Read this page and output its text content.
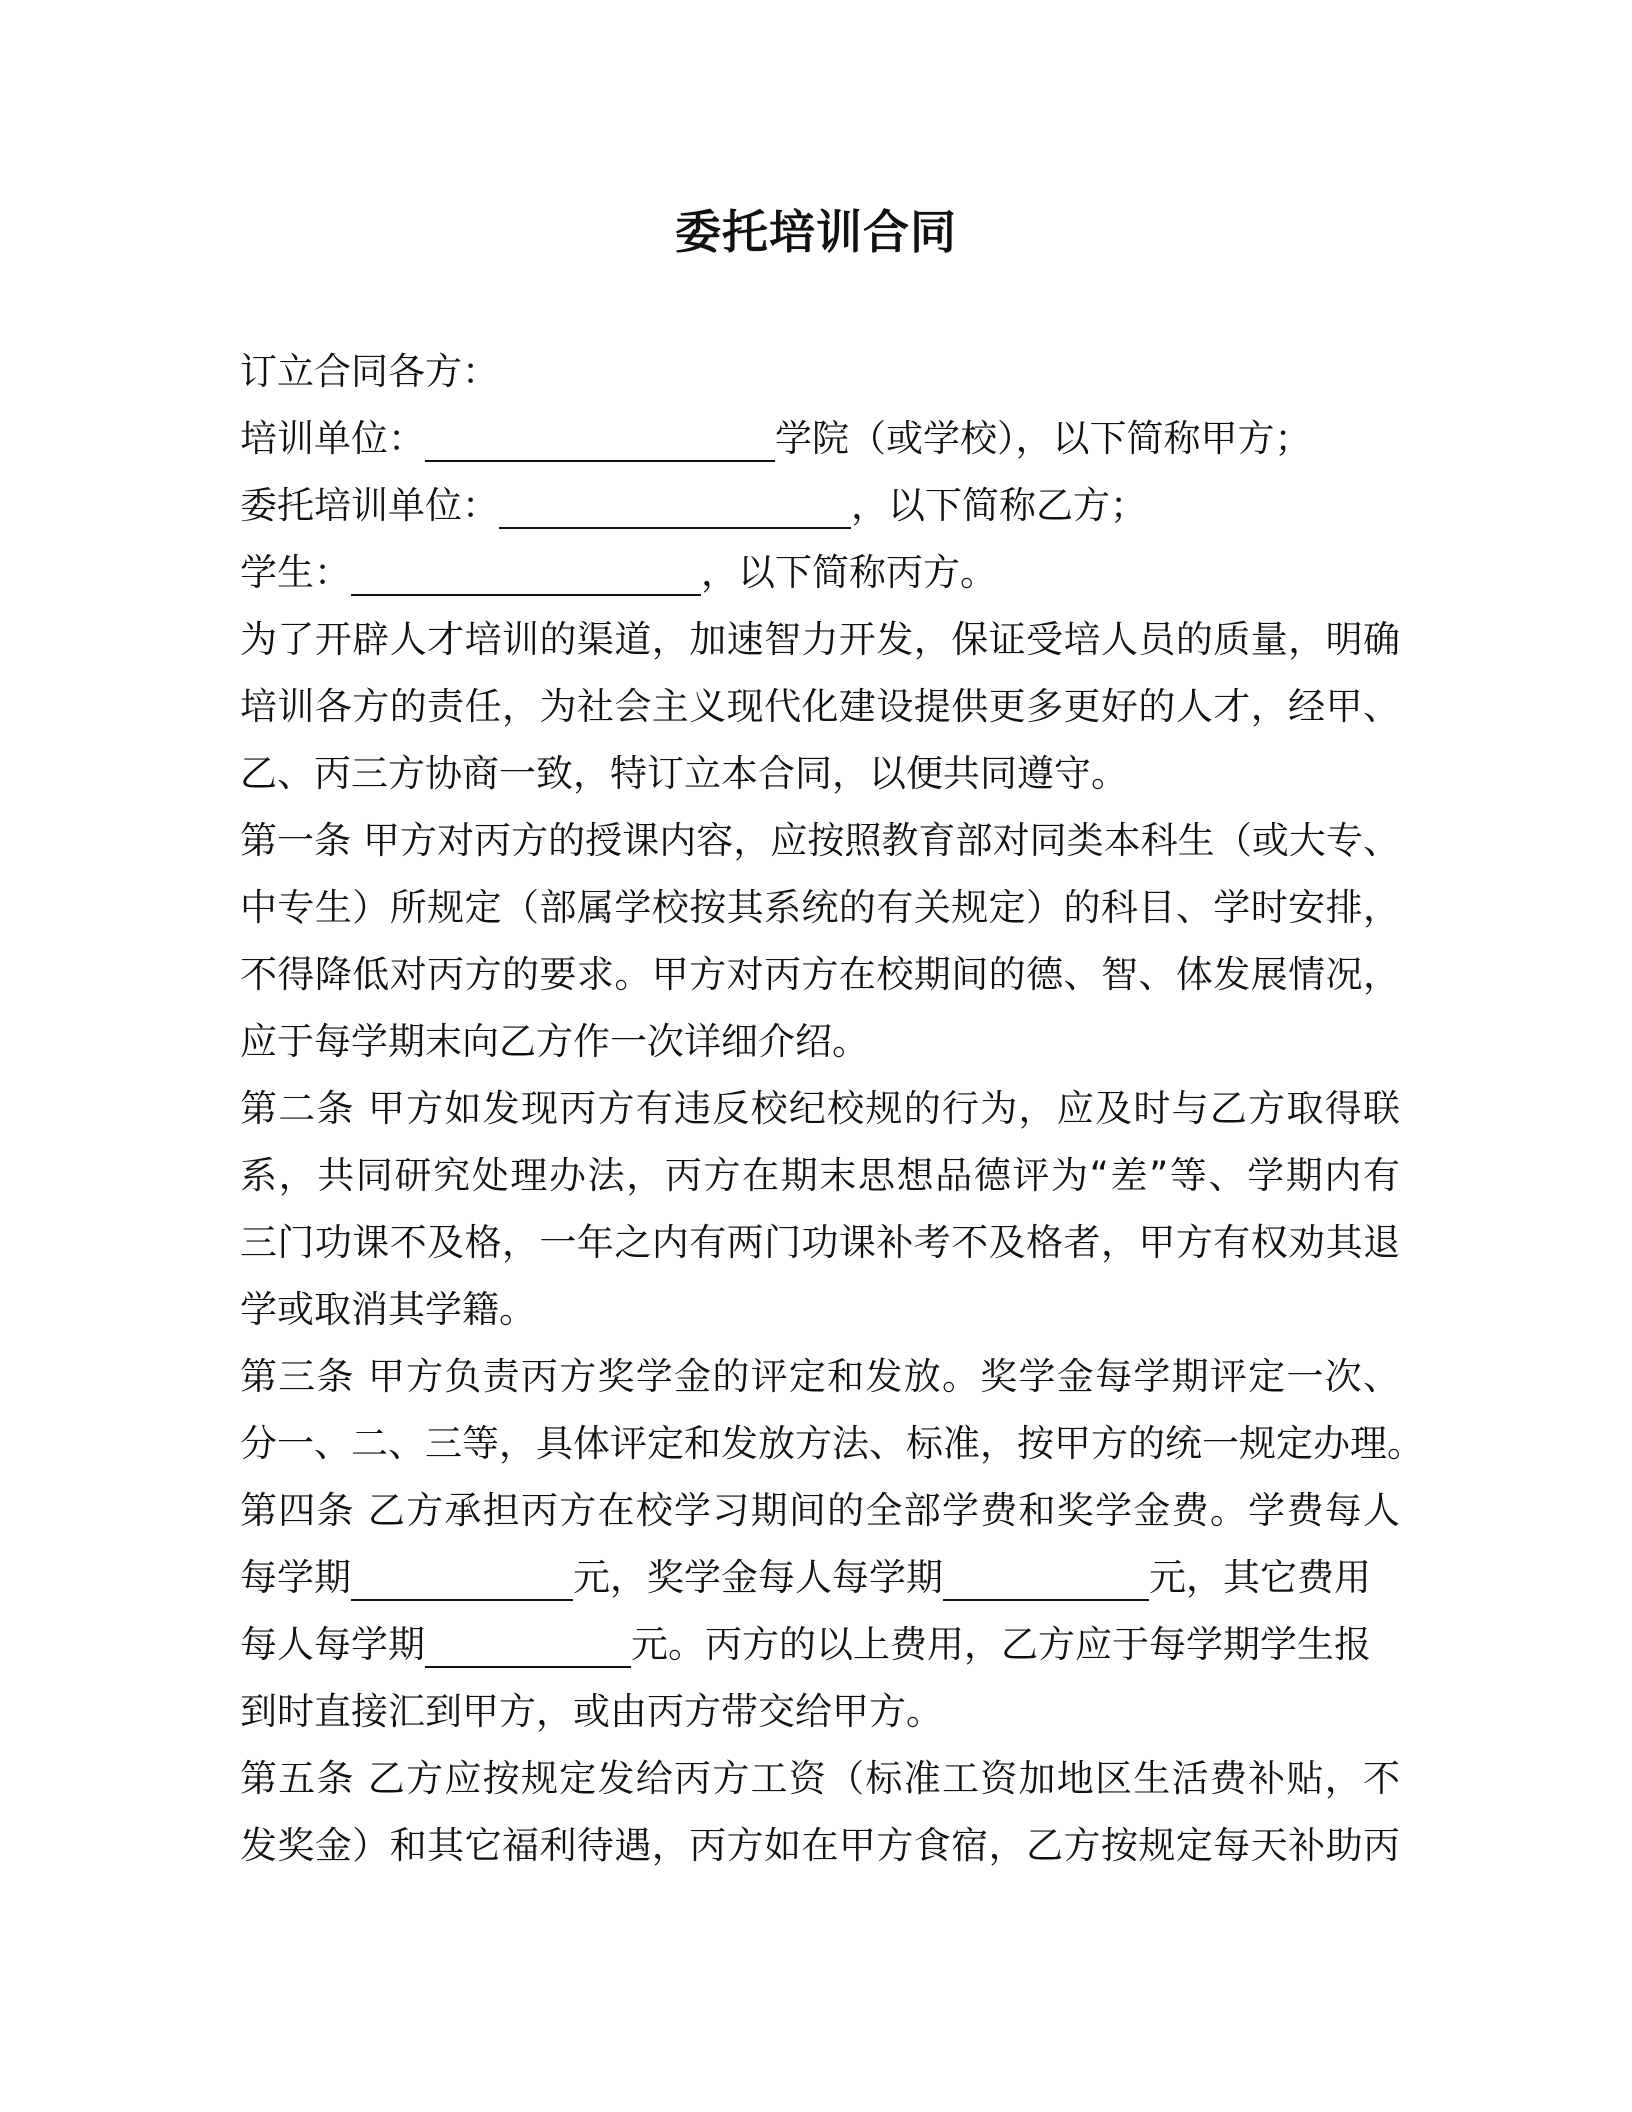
委托培训合同
订立合同各方：
培训单位：	学院（或学校），以下简称甲方；
委托培训单位：	，以下简称乙方；
学生：	，以下简称丙方。
为了开辟人才培训的渠道，加速智力开发，保证受培人员的质量，明确
培训各方的责任，为社会主义现代化建设提供更多更好的人才，经甲、
乙、丙三方协商一致，特订立本合同，以便共同遵守。
第一条 甲方对丙方的授课内容，应按照教育部对同类本科生（或大专、
中专生）所规定（部属学校按其系统的有关规定）的科目、学时安排，
不得降低对丙方的要求。甲方对丙方在校期间的德、智、体发展情况，
应于每学期末向乙方作一次详细介绍。
第二条 甲方如发现丙方有违反校纪校规的行为，应及时与乙方取得联
系，共同研究处理办法，丙方在期末思想品德评为“差”等、学期内有
三门功课不及格，一年之内有两门功课补考不及格者，甲方有权劝其退
学或取消其学籍。
第三条 甲方负责丙方奖学金的评定和发放。奖学金每学期评定一次、
分一、二、三等，具体评定和发放方法、标准，按甲方的统一规定办理。
第四条 乙方承担丙方在校学习期间的全部学费和奖学金费。学费每人
每学期	元，奖学金每人每学期	元，其它费用
每人每学期	元。丙方的以上费用，乙方应于每学期学生报
到时直接汇到甲方，或由丙方带交给甲方。
第五条 乙方应按规定发给丙方工资（标准工资加地区生活费补贴，不
发奖金）和其它福利待遇，丙方如在甲方食宿，乙方按规定每天补助丙
